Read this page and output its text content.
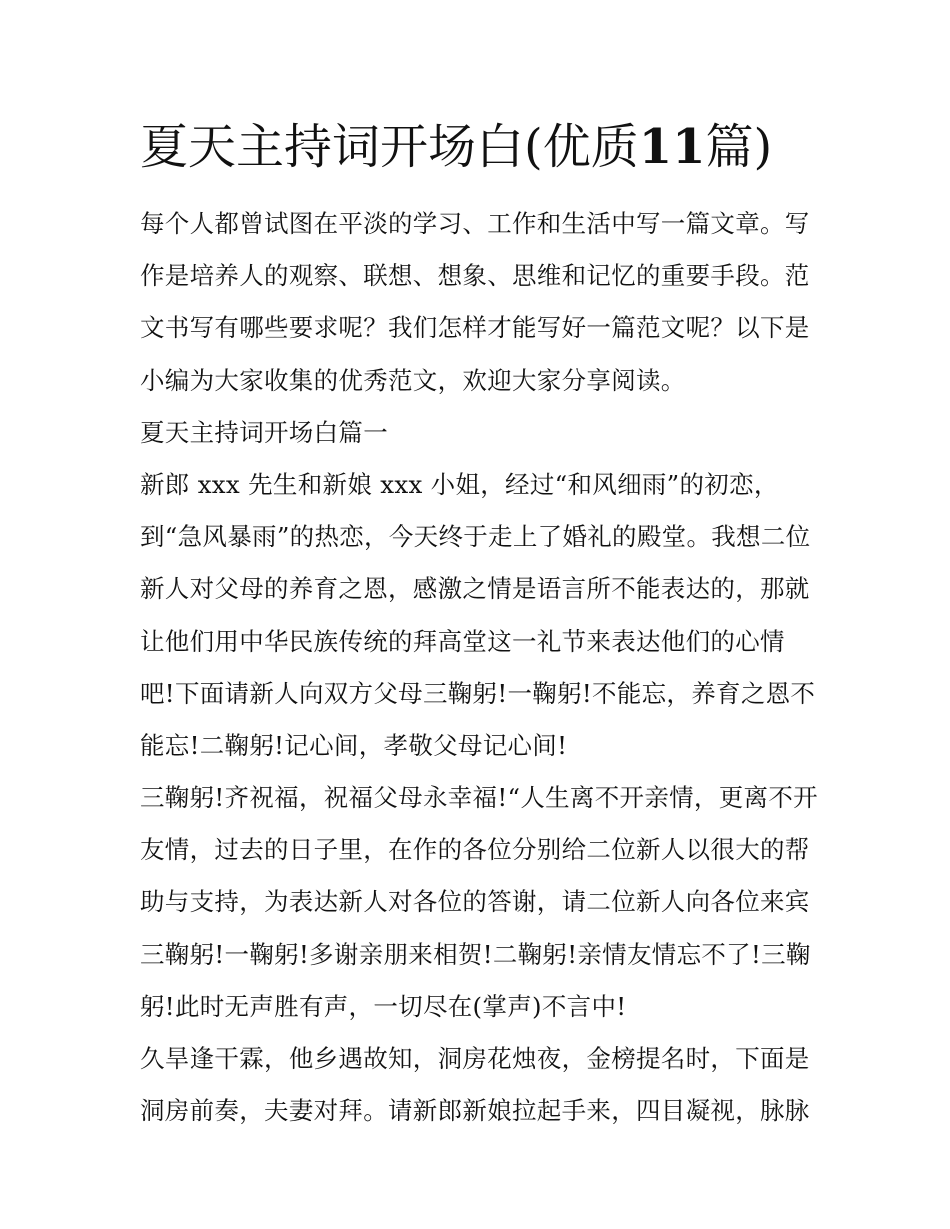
夏天主持词开场白(优质11篇)
每个人都曾试图在平淡的学习、工作和生活中写一篇文章。写
作是培养人的观察、联想、想象、思维和记忆的重要手段。范
文书写有哪些要求呢？我们怎样才能写好一篇范文呢？以下是
小编为大家收集的优秀范文，欢迎大家分享阅读。
夏天主持词开场白篇一
新郎 xxx 先生和新娘 xxx 小姐，经过“和风细雨”的初恋，
到“急风暴雨”的热恋，今天终于走上了婚礼的殿堂。我想二位
新人对父母的养育之恩，感激之情是语言所不能表达的，那就
让他们用中华民族传统的拜高堂这一礼节来表达他们的心情
吧!下面请新人向双方父母三鞠躬!一鞠躬!不能忘，养育之恩不
能忘!二鞠躬!记心间，孝敬父母记心间!
三鞠躬!齐祝福，祝福父母永幸福!“人生离不开亲情，更离不开
友情，过去的日子里，在作的各位分别给二位新人以很大的帮
助与支持，为表达新人对各位的答谢，请二位新人向各位来宾
三鞠躬!一鞠躬!多谢亲朋来相贺!二鞠躬!亲情友情忘不了!三鞠
躬!此时无声胜有声，一切尽在(掌声)不言中!
久旱逢干霖，他乡遇故知，洞房花烛夜，金榜提名时，下面是
洞房前奏，夫妻对拜。请新郎新娘拉起手来，四目凝视，脉脉
